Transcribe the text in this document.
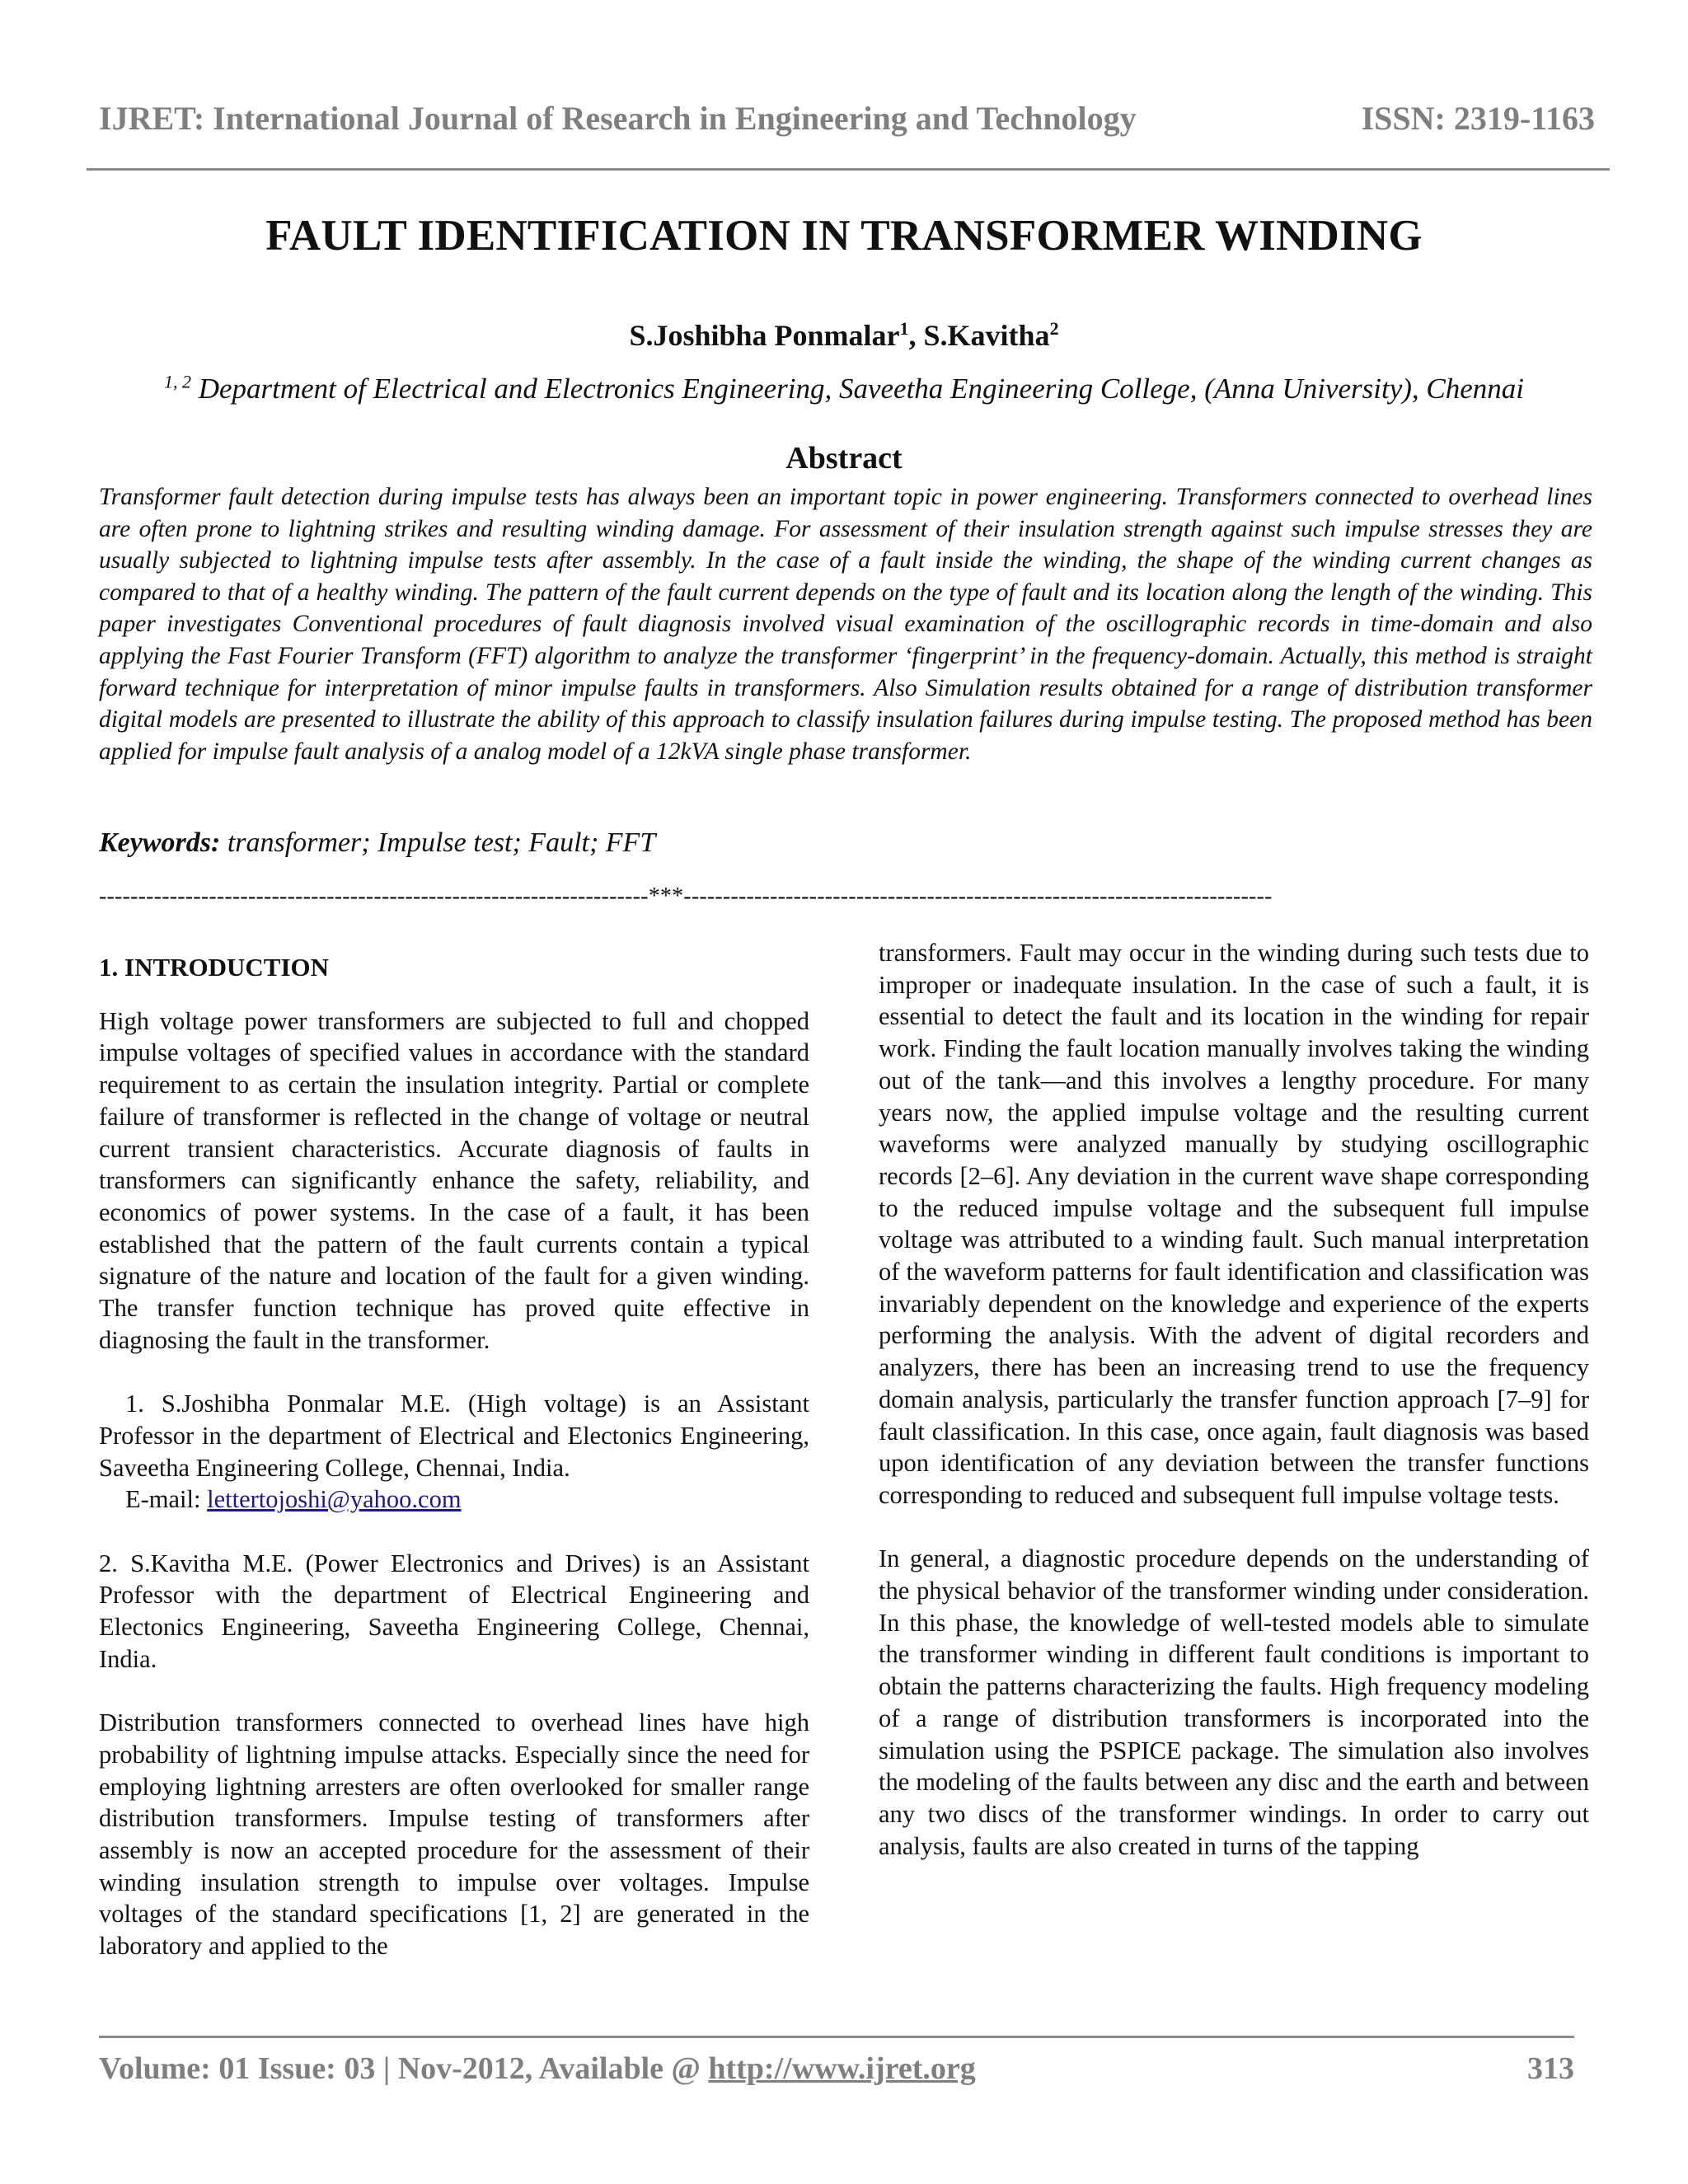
IJRET: International Journal of Research in Engineering and Technology	ISSN: 2319-1163
FAULT IDENTIFICATION IN TRANSFORMER WINDING
S.Joshibha Ponmalar$^1$, S.Kavitha$^2$
$^{1, 2}$ Department of Electrical and Electronics Engineering, Saveetha Engineering College, (Anna University), Chennai
Abstract

Transformer fault detection during impulse tests has always been an important topic in power engineering. Transformers connected to overhead lines are often prone to lightning strikes and resulting winding damage. For assessment of their insulation strength against such impulse stresses they are usually subjected to lightning impulse tests after assembly. In the case of a fault inside the winding, the shape of the winding current changes as compared to that of a healthy winding. The pattern of the fault current depends on the type of fault and its location along the length of the winding. This paper investigates Conventional procedures of fault diagnosis involved visual examination of the oscillographic records in time-domain and also applying the Fast Fourier Transform (FFT) algorithm to analyze the transformer ‘fingerprint’ in the frequency-domain. Actually, this method is straight forward technique for interpretation of minor impulse faults in transformers. Also Simulation results obtained for a range of distribution transformer digital models are presented to illustrate the ability of this approach to classify insulation failures during impulse testing. The proposed method has been applied for impulse fault analysis of a analog model of a 12kVA single phase transformer.

Keywords: transformer; Impulse test; Fault; FFT
----------------------------------------------------------------------***---------------------------------------------------------------------------
1. INTRODUCTION

High voltage power transformers are subjected to full and chopped impulse voltages of specified values in accordance with the standard requirement to as certain the insulation integrity. Partial or complete failure of transformer is reflected in the change of voltage or neutral current transient characteristics. Accurate diagnosis of faults in transformers can significantly enhance the safety, reliability, and economics of power systems. In the case of a fault, it has been established that the pattern of the fault currents contain a typical signature of the nature and location of the fault for a given winding. The transfer function technique has proved quite effective in diagnosing the fault in the transformer.

1. S.Joshibha Ponmalar M.E. (High voltage) is an Assistant Professor in the department of Electrical and Electonics Engineering, Saveetha Engineering College, Chennai, India.

E-mail: lettertojoshi@yahoo.com

2. S.Kavitha M.E. (Power Electronics and Drives) is an Assistant Professor with the department of Electrical Engineering and Electonics Engineering, Saveetha Engineering College, Chennai, India.

Distribution transformers connected to overhead lines have high probability of lightning impulse attacks. Especially since the need for employing lightning arresters are often overlooked for smaller range distribution transformers. Impulse testing of transformers after assembly is now an accepted procedure for the assessment of their winding insulation strength to impulse over voltages. Impulse voltages of the standard specifications [1, 2] are generated in the laboratory and applied to the

transformers. Fault may occur in the winding during such tests due to improper or inadequate insulation. In the case of such a fault, it is essential to detect the fault and its location in the winding for repair work. Finding the fault location manually involves taking the winding out of the tank—and this involves a lengthy procedure. For many years now, the applied impulse voltage and the resulting current waveforms were analyzed manually by studying oscillographic records [2–6]. Any deviation in the current wave shape corresponding to the reduced impulse voltage and the subsequent full impulse voltage was attributed to a winding fault. Such manual interpretation of the waveform patterns for fault identification and classification was invariably dependent on the knowledge and experience of the experts performing the analysis. With the advent of digital recorders and analyzers, there has been an increasing trend to use the frequency domain analysis, particularly the transfer function approach [7–9] for fault classification. In this case, once again, fault diagnosis was based upon identification of any deviation between the transfer functions corresponding to reduced and subsequent full impulse voltage tests.

In general, a diagnostic procedure depends on the understanding of the physical behavior of the transformer winding under consideration. In this phase, the knowledge of well-tested models able to simulate the transformer winding in different fault conditions is important to obtain the patterns characterizing the faults. High frequency modeling of a range of distribution transformers is incorporated into the simulation using the PSPICE package. The simulation also involves the modeling of the faults between any disc and the earth and between any two discs of the transformer windings. In order to carry out analysis, faults are also created in turns of the tapping

Volume: 01 Issue: 03 | Nov-2012, Available @ http://www.ijret.org	313
